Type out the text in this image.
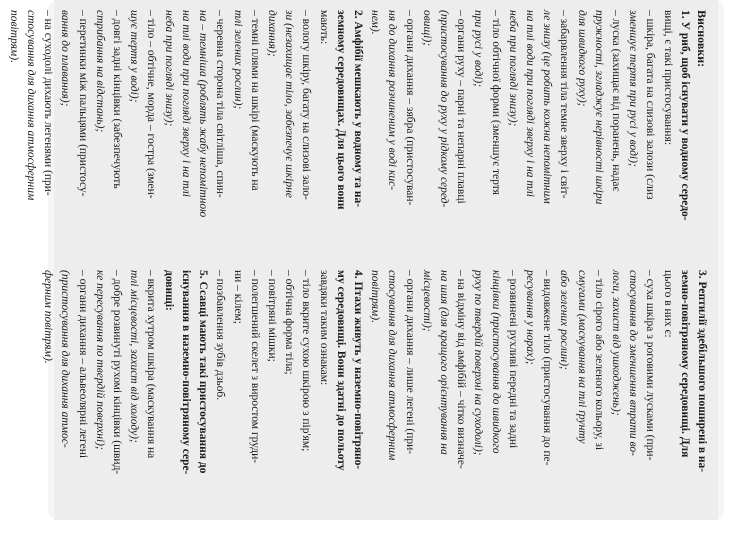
Висновки:
1. У риб, щоб існувати у водному середо-
вищі, є такі пристосування:
– шкіра, багата на слизові залози (слиз
зменшує тертя при русі у воді);
– луска (захищає від поранень, надає
пружності, згладжує нерівності шкіри
для швидкого руху);
– забарвлення тіла темне зверху і світ-
ле знизу (це робить кожна непомітним
на тлі води при погляді зверху і на тлі
неба при погляді знизу);
– тіло обтічної форми (зменшує тертя
при русі у воді);
– органи руху – парні та непарні плавці
(пристосування до руху у рідкому серед-
овищі);
– органи дихання – зябра (пристосуван-
ня до дихання розчиненим у воді кис-
нем).
2. Амфібії мешкають у водному та на-
земному середовищах. Для цього вони
мають:
– вологу шкіру, багату на слизові зало-
зи (незахищає тіло, забезпечує шкірне
дихання);
– темні плями на шкірі (маскують на
тлі зелених рослин);
– черевна сторона тіла світліша, спин-
на – темніша (роблять жабу непомітною
на тлі води при погляді зверху і на тлі
неба при погляді знизу);
– тіло – обтічне, морда – гостра (змен-
шує тертя у воді);
– довгі задні кінцівки (забезпечують
стрибання на відстань);
– перетинки між пальцями (пристосу-
вання до плавання);
– на суходолі дихають легенями (при-
стосування для дихання атмосферним
повітрям).
3. Рептилії здебільшого поширені в на-
земно-повітряному середовищі. Для
цього в них є:
– суха шкіра з роговими лусками (при-
стосування до зменшення втрати во-
логи, захист від ушкоджень);
– тіло сірого або зеленого кольору, зі
смугами (маскування на тлі ґрунту
або зелених рослин);
– видовжене тіло (пристосування до пе-
ресування у норах);
– розвинені рухливі передні та задні
кінцівки (пристосування до швидкого
руху по твердій поверхні на суходолі);
– на відміну від амфібій – чітко визначе-
на шия (для кращого орієнтування на
місцевості);
– органи дихання – лише легені (при-
стосування для дихання атмосферним
повітрям).
4. Птахи живуть у наземно-повітряно-
му середовищі. Вони здатні до польоту
завдяки таким ознакам:
– тіло вкрите сухою шкірою з пір'ям;
– обтічна форма тіла;
– повітряні мішки;
– полегшений скелет з виростом груди-
ни – кілем;
– позбавлення зубів дзьоб.
5. Ссавці мають такі пристосування до
існування в наземно-повітряному сере-
довищі:
– вкрита хутром шкіра (маскування на
тлі місцевості, захист від холоду);
– добре розвинуті рухомі кінцівки (швид-
ке пересування по твердій поверхні);
– органи дихання – альвеолярні легені
(пристосування для дихання атмос-
ферним повітрям).
